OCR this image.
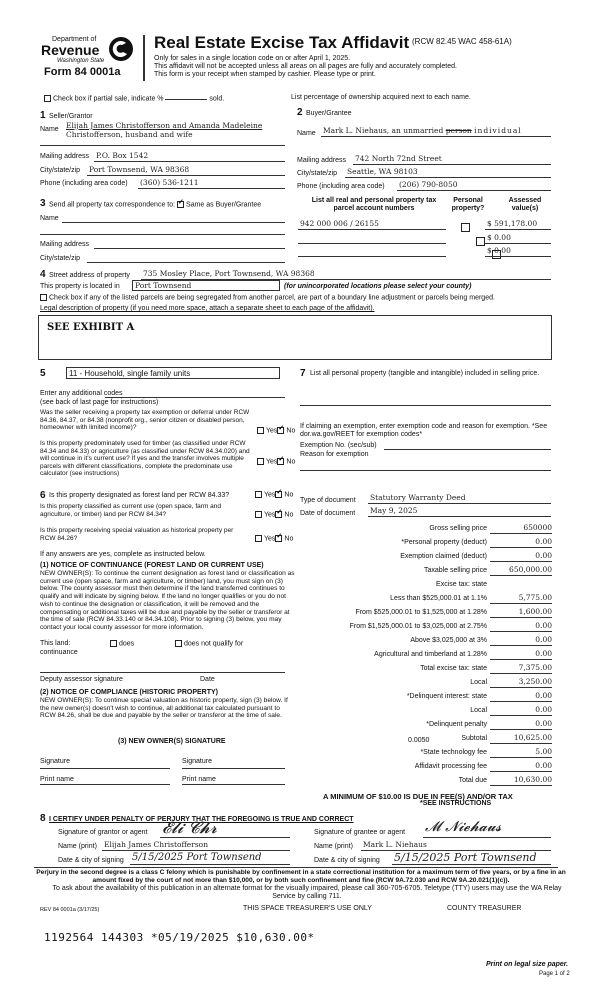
Department of
Revenue
Washington State
Form 84 0001a
Real Estate Excise Tax Affidavit (RCW 82.45 WAC 458-61A)
Only for sales in a single location code on or after April 1, 2025.
This affidavit will not be accepted unless all areas on all pages are fully and accurately completed.
This form is your receipt when stamped by cashier. Please type or print.
Check box if partial sale, indicate %	sold.	List percentage of ownership acquired next to each name.
1 Seller/Grantor
Name Elijah James Christofferson and Amanda Madeleine
Christofferson, husband and wife
Mailing address P.O. Box 1542
City/state/zip Port Townsend, WA 98368
Phone (including area code) (360) 536-1211
2 Buyer/Grantee
Name Mark L. Niehaus, an unmarried person individual
Mailing address 742 North 72nd Street
City/state/zip Seattle, WA 98103
Phone (including area code) (206) 790-8050
3 Send all property tax correspondence to: ✓ Same as Buyer/Grantee
Name
Mailing address
City/state/zip
List all real and personal property tax
parcel account numbers
Personal
property?
Assessed
value(s)
942 000 006 / 26155
	$ 591,178.00

$ 0.00
$ 0.00
4 Street address of property 735 Mosley Place, Port Townsend, WA 98368
This property is located in	Port Townsend	(for unincorporated locations please select your county)
Check box if any of the listed parcels are being segregated from another parcel, are part of a boundary line adjustment or parcels being merged.
Legal description of property (if you need more space, attach a separate sheet to each page of the affidavit).
SEE EXHIBIT A
5	11 - Household, single family units
Enter any additional codes
(see back of last page for instructions)
Was the seller receiving a property tax exemption or deferral under RCW 84.36, 84.37, or 84.38 (nonprofit org., senior citizen or disabled person, homeowner with limited income)?	Yes ✓ No
Is this property predominately used for timber (as classified under RCW 84.34 and 84.33) or agriculture (as classified under RCW 84.34.020) and will continue in it's current use? If yes and the transfer involves multiple parcels with different classifications, complete the predominate use calculator (see instructions)
Yes ✓ No
6 Is this property designated as forest land per RCW 84.33?	Yes ✓ No
Is this property classified as current use (open space, farm and agriculture, or timber) land per RCW 84.34?	Yes ✓ No
Is this property receiving special valuation as historical property per RCW 84.26?	Yes ✓ No
If any answers are yes, complete as instructed below.
(1) NOTICE OF CONTINUANCE (FOREST LAND OR CURRENT USE)
NEW OWNER(S): To continue the current designation as forest land or classification as current use (open space, farm and agriculture, or timber) land, you must sign on (3) below. The county assessor must then determine if the land transferred continues to qualify and will indicate by signing below. If the land no longer qualifies or you do not wish to continue the designation or classification, it will be removed and the compensating or additional taxes will be due and payable by the seller or transferor at the time of sale (RCW 84.33.140 or 84.34.108). Prior to signing (3) below, you may contact your local county assessor for more information.
This land:
continuance
does	does not qualify for
Deputy assessor signature	Date
(2) NOTICE OF COMPLIANCE (HISTORIC PROPERTY)
NEW OWNER(S): To continue special valuation as historic property, sign (3) below. If the new owner(s) doesn't wish to continue, all additional tax calculated pursuant to RCW 84.26, shall be due and payable by the seller or transferor at the time of sale.
(3) NEW OWNER(S) SIGNATURE
Signature	Signature
Print name	Print name
7 List all personal property (tangible and intangible) included in selling price.
If claiming an exemption, enter exemption code and reason for exemption. *See dor.wa.gov/REET for exemption codes*
Exemption No. (sec/sub)
Reason for exemption
Type of document Statutory Warranty Deed
Date of document May 9, 2025
Gross selling price	650000
*Personal property (deduct)	0.00
Exemption claimed (deduct)	0.00
Taxable selling price	650,000.00
Excise tax: state
Less than $525,000.01 at 1.1%	5,775.00
From $525,000.01 to $1,525,000 at 1.28%	1,600.00
From $1,525,000.01 to $3,025,000 at 2.75%	0.00
Above $3,025,000 at 3%	0.00
Agricultural and timberland at 1.28%	0.00
Total excise tax: state	7,375.00
Local	3,250.00
*Delinquent interest: state	0.00
Local	0.00
*Delinquent penalty	0.00
Subtotal	10,625.00
*State technology fee	5.00
Affidavit processing fee	0.00
Total due	10,630.00
0.0050
A MINIMUM OF $10.00 IS DUE IN FEE(S) AND/OR TAX
*SEE INSTRUCTIONS
8 I CERTIFY UNDER PENALTY OF PERJURY THAT THE FOREGOING IS TRUE AND CORRECT
Signature of grantor or agent 𝓔𝓵𝓲 𝓒𝓱𝓻
Name (print) Elijah James Christofferson
Date & city of signing 5/15/2025 Port Townsend
Signature of grantee or agent 𝓜 𝓝𝓲𝓮𝓱𝓪𝓾𝓼
Name (print) Mark L. Niehaus
Date & city of signing 5/15/2025 Port Townsend
Perjury in the second degree is a class C felony which is punishable by confinement in a state correctional institution for a maximum term of five years, or by a fine in an amount fixed by the court of not more than $10,000, or by both such confinement and fine (RCW 9A.72.030 and RCW 9A.20.021(1)(c)).
To ask about the availability of this publication in an alternate format for the visually impaired, please call 360-705-6705. Teletype (TTY) users may use the WA Relay Service by calling 711.
REV 84 0001a (3/17/25)	THIS SPACE TREASURER'S USE ONLY	COUNTY TREASURER
1192564 144303 *05/19/2025 $10,630.00*
Print on legal size paper.
Page 1 of 2
